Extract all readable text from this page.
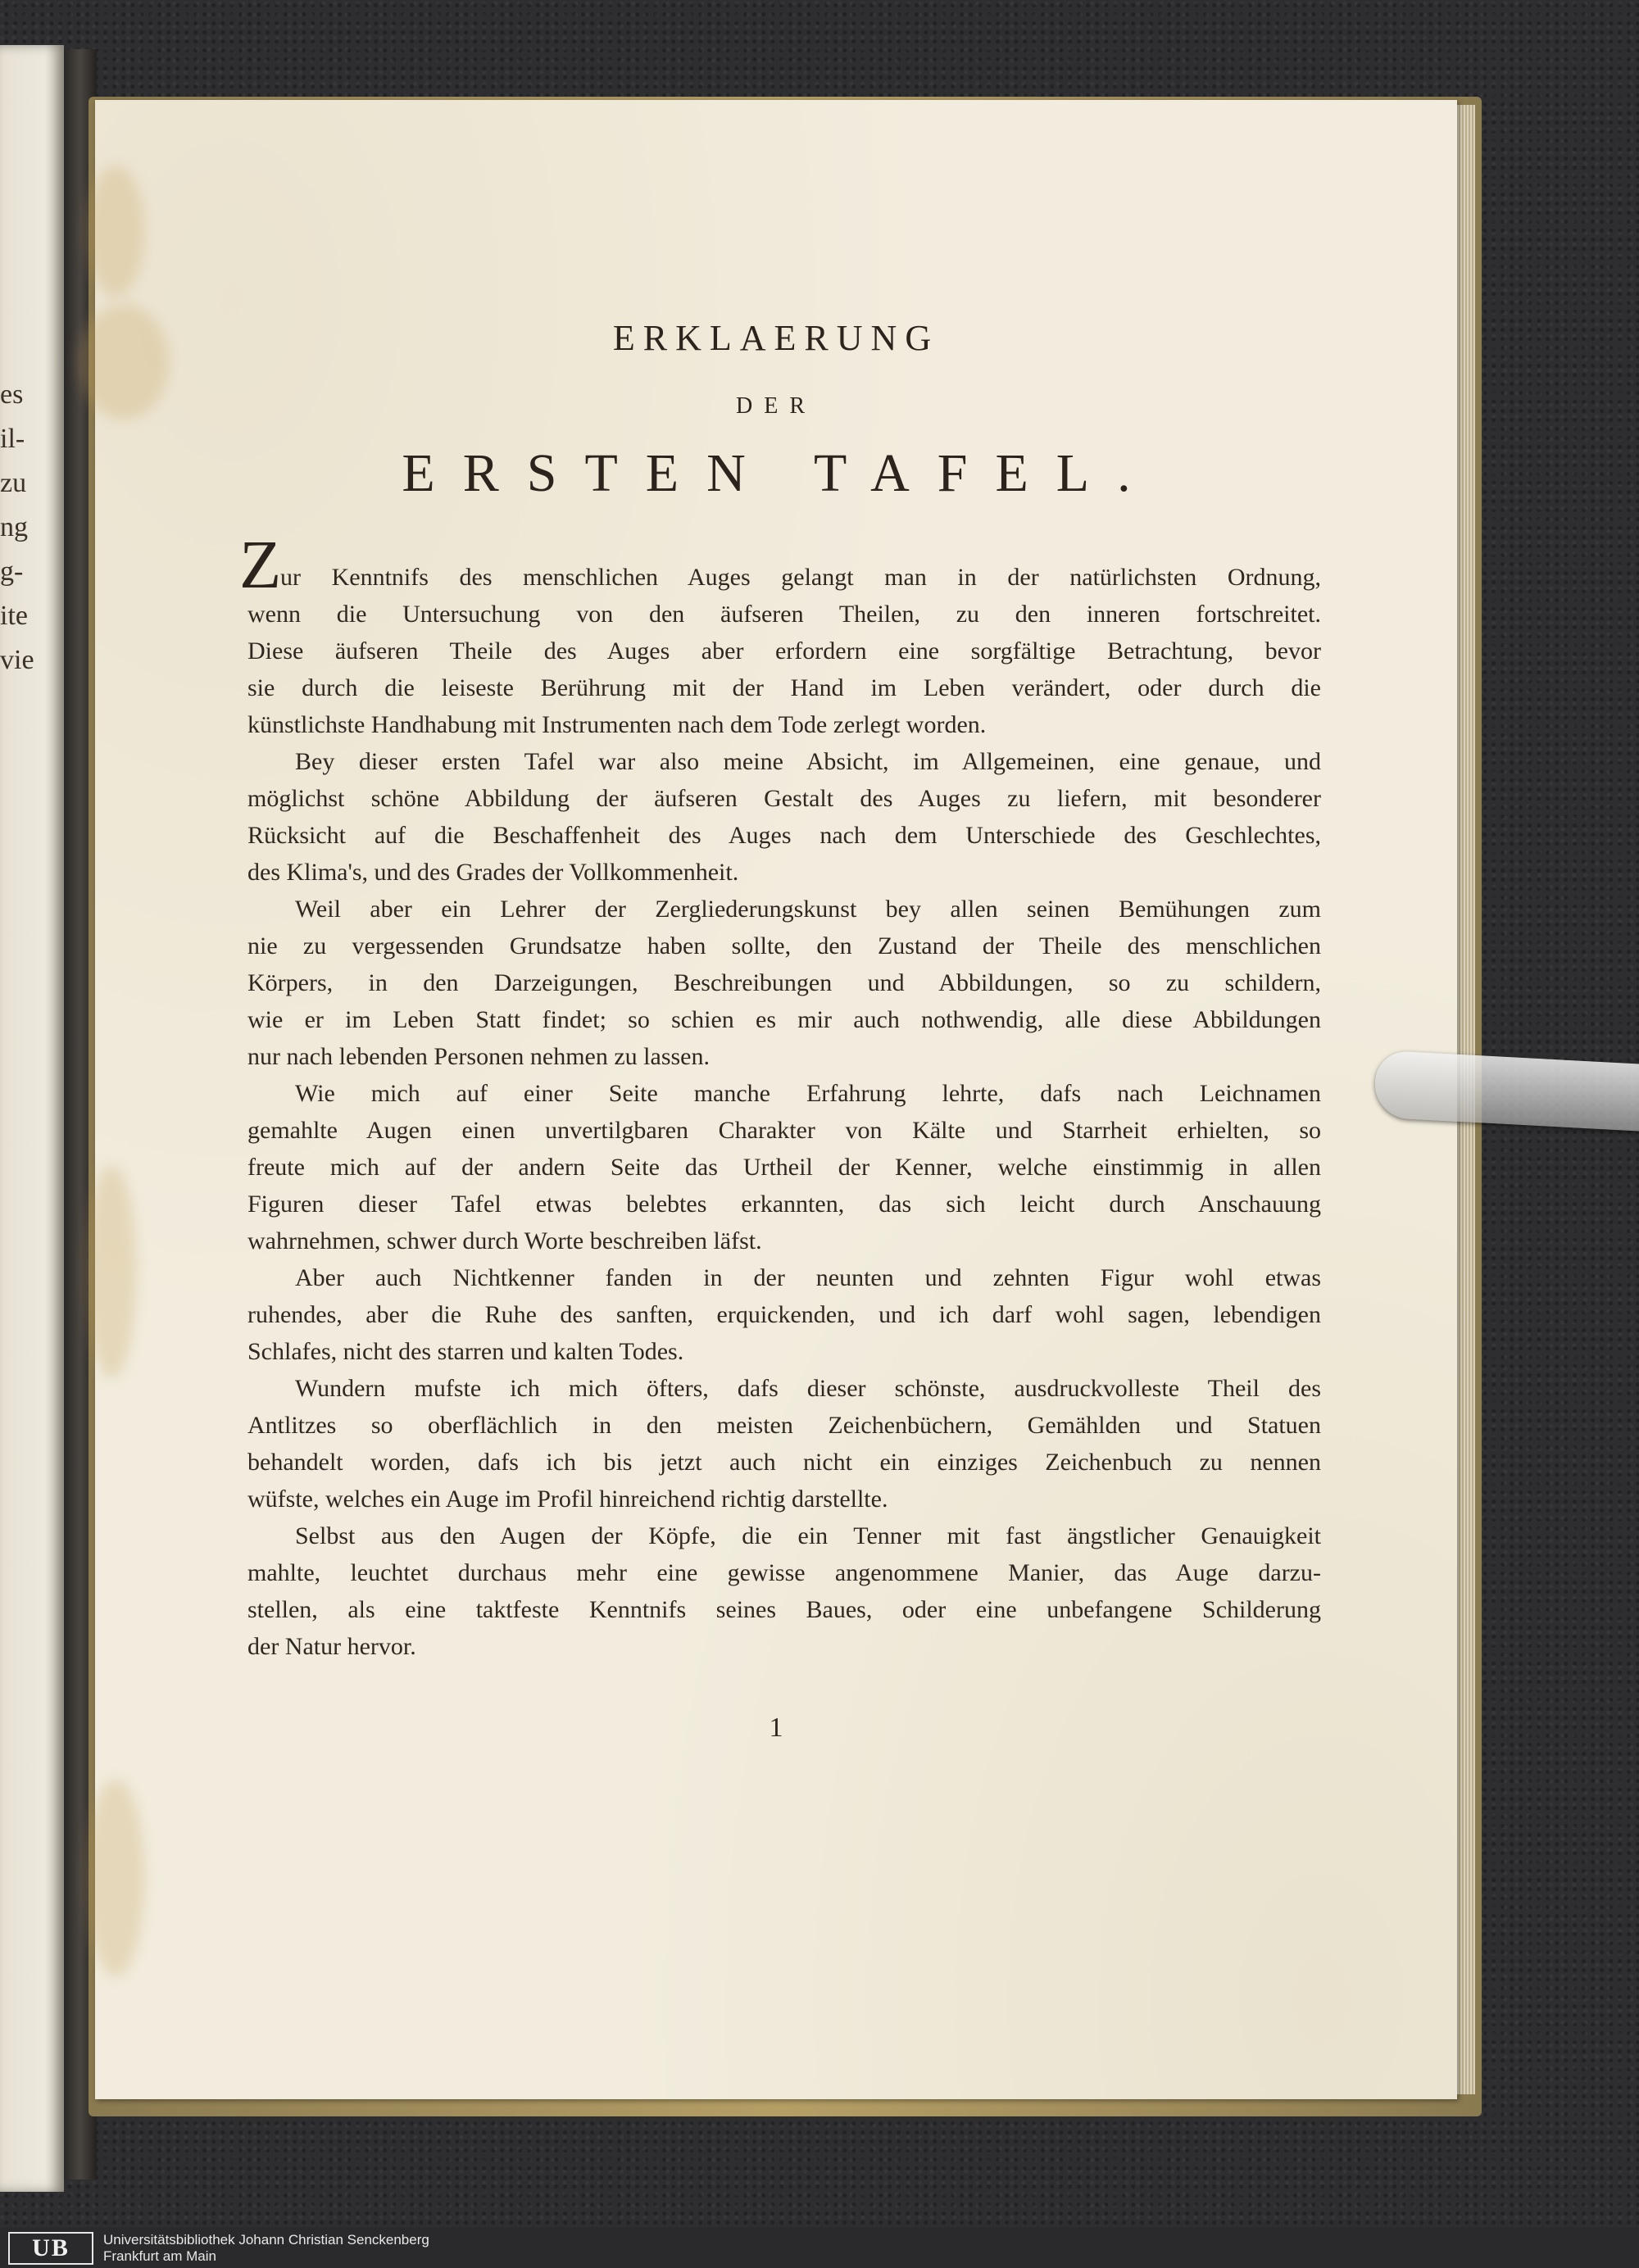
es
il-
zu
ng
g-
ite
vie
ERKLAERUNG
DER
ERSTEN TAFEL.
Z
ur Kenntnifs des menschlichen Auges gelangt man in der natürlichsten Ordnung,
wenn die Untersuchung von den äufseren Theilen, zu den inneren fortschreitet.
Diese äufseren Theile des Auges aber erfordern eine sorgfältige Betrachtung, bevor
sie durch die leiseste Berührung mit der Hand im Leben verändert, oder durch die
künstlichste Handhabung mit Instrumenten nach dem Tode zerlegt worden.
Bey dieser ersten Tafel war also meine Absicht, im Allgemeinen, eine genaue, und
möglichst schöne Abbildung der äufseren Gestalt des Auges zu liefern, mit besonderer
Rücksicht auf die Beschaffenheit des Auges nach dem Unterschiede des Geschlechtes,
des Klima's, und des Grades der Vollkommenheit.
Weil aber ein Lehrer der Zergliederungskunst bey allen seinen Bemühungen zum
nie zu vergessenden Grundsatze haben sollte, den Zustand der Theile des menschlichen
Körpers, in den Darzeigungen, Beschreibungen und Abbildungen, so zu schildern,
wie er im Leben Statt findet; so schien es mir auch nothwendig, alle diese Abbildungen
nur nach lebenden Personen nehmen zu lassen.
Wie mich auf einer Seite manche Erfahrung lehrte, dafs nach Leichnamen
gemahlte Augen einen unvertilgbaren Charakter von Kälte und Starrheit erhielten, so
freute mich auf der andern Seite das Urtheil der Kenner, welche einstimmig in allen
Figuren dieser Tafel etwas belebtes erkannten, das sich leicht durch Anschauung
wahrnehmen, schwer durch Worte beschreiben läfst.
Aber auch Nichtkenner fanden in der neunten und zehnten Figur wohl etwas
ruhendes, aber die Ruhe des sanften, erquickenden, und ich darf wohl sagen, lebendigen
Schlafes, nicht des starren und kalten Todes.
Wundern mufste ich mich öfters, dafs dieser schönste, ausdruckvolleste Theil des
Antlitzes so oberflächlich in den meisten Zeichenbüchern, Gemählden und Statuen
behandelt worden, dafs ich bis jetzt auch nicht ein einziges Zeichenbuch zu nennen
wüfste, welches ein Auge im Profil hinreichend richtig darstellte.
Selbst aus den Augen der Köpfe, die ein Tenner mit fast ängstlicher Genauigkeit
mahlte, leuchtet durchaus mehr eine gewisse angenommene Manier, das Auge darzu-
stellen, als eine taktfeste Kenntnifs seines Baues, oder eine unbefangene Schilderung
der Natur hervor.
1
UB	Universitätsbibliothek Johann Christian Senckenberg
Frankfurt am Main
